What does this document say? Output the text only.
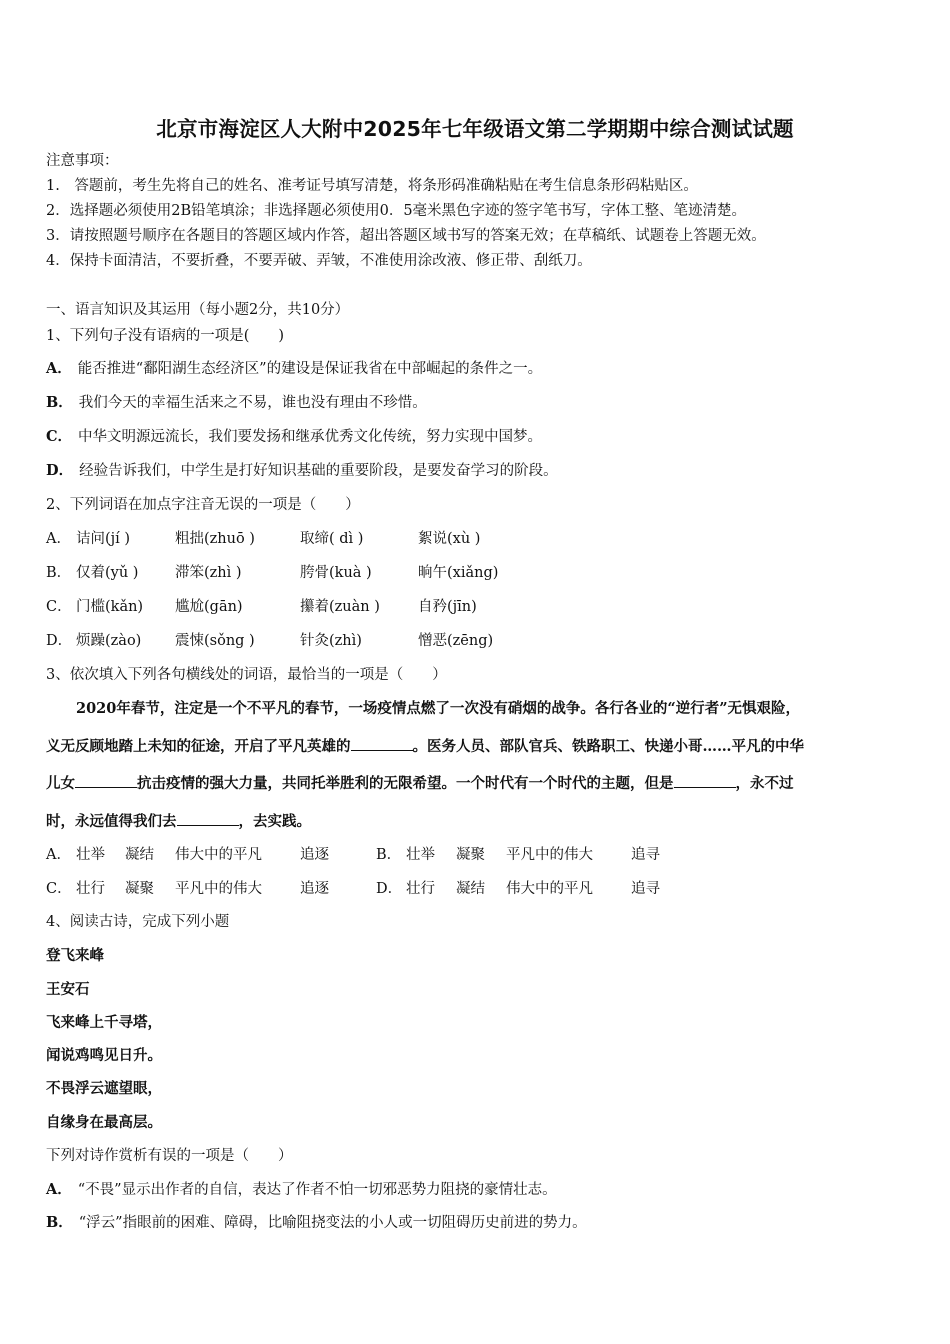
北京市海淀区人大附中2025年七年级语文第二学期期中综合测试试题
注意事项：
1.　答题前，考生先将自己的姓名、准考证号填写清楚，将条形码准确粘贴在考生信息条形码粘贴区。
2．选择题必须使用2B铅笔填涂；非选择题必须使用0．5毫米黑色字迹的签字笔书写，字体工整、笔迹清楚。
3．请按照题号顺序在各题目的答题区域内作答，超出答题区域书写的答案无效；在草稿纸、试题卷上答题无效。
4．保持卡面清洁，不要折叠，不要弄破、弄皱，不准使用涂改液、修正带、刮纸刀。
一、语言知识及其运用（每小题2分，共10分）
1、下列句子没有语病的一项是(　　)
A． 能否推进“鄱阳湖生态经济区”的建设是保证我省在中部崛起的条件之一。
B． 我们今天的幸福生活来之不易，谁也没有理由不珍惜。
C． 中华文明源远流长，我们要发扬和继承优秀文化传统，努力实现中国梦。
D． 经验告诉我们，中学生是打好知识基础的重要阶段，是要发奋学习的阶段。
2、下列词语在加点字注音无误的一项是（　　）
A． 诘问(jí )	粗拙(zhuō )	取缔( dì )	絮说(xù )
B． 仅着(yǔ )	滞笨(zhì )	胯骨(kuà )	晌午(xiǎng)
C． 门槛(kǎn) 尴尬(gān)	攥着(zuàn )	自矜(jīn)
D． 烦躁(zào) 震悚(sǒng )	针灸(zhì)	憎恶(zēng)
3、依次填入下列各句横线处的词语，最恰当的一项是（　　）
2020年春节，注定是一个不平凡的春节，一场疫情点燃了一次没有硝烟的战争。各行各业的“逆行者”无惧艰险，
义无反顾地踏上未知的征途，开启了平凡英雄的	。医务人员、部队官兵、铁路职工、快递小哥……平凡的中华
儿女	抗击疫情的强大力量，共同托举胜利的无限希望。一个时代有一个时代的主题，但是	，永不过
时，永远值得我们去	，去实践。
A． 壮举 凝结 伟大中的平凡	追逐	B． 壮举 凝聚 平凡中的伟大	追寻
C． 壮行 凝聚 平凡中的伟大	追逐	D． 壮行 凝结 伟大中的平凡	追寻
4、阅读古诗，完成下列小题
登飞来峰
王安石
飞来峰上千寻塔，
闻说鸡鸣见日升。
不畏浮云遮望眼，
自缘身在最高层。
下列对诗作赏析有误的一项是（　　）
A． “不畏”显示出作者的自信，表达了作者不怕一切邪恶势力阻挠的豪情壮志。
B． “浮云”指眼前的困难、障碍，比喻阻挠变法的小人或一切阻碍历史前进的势力。
